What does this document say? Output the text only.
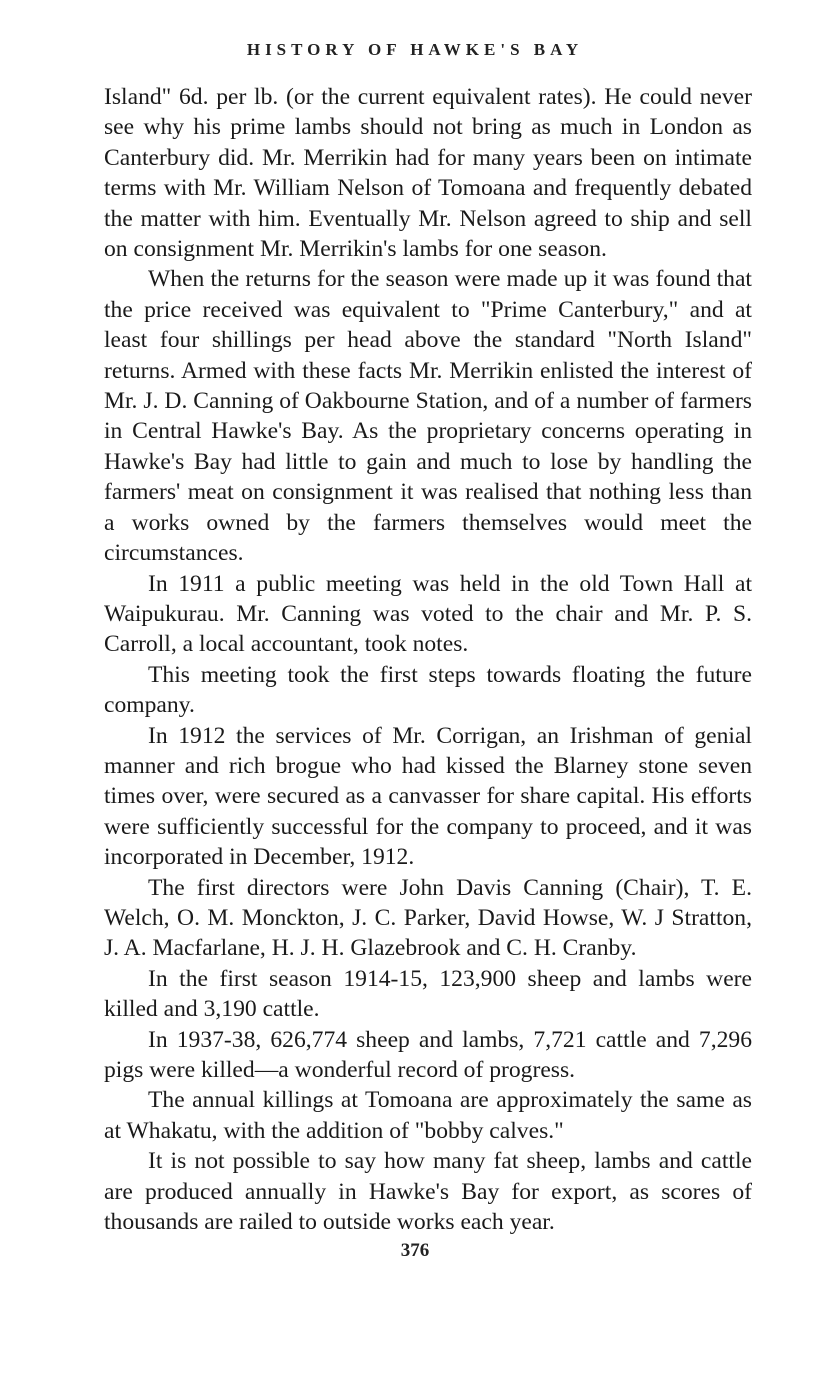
HISTORY OF HAWKE'S BAY

Island" 6d. per lb. (or the current equivalent rates). He could never see why his prime lambs should not bring as much in London as Canterbury did. Mr. Merrikin had for many years been on intimate terms with Mr. William Nelson of Tomoana and frequently debated the matter with him. Eventually Mr. Nelson agreed to ship and sell on consignment Mr. Merrikin's lambs for one season.

When the returns for the season were made up it was found that the price received was equivalent to "Prime Canterbury," and at least four shillings per head above the standard "North Island" returns. Armed with these facts Mr. Merrikin enlisted the interest of Mr. J. D. Canning of Oakbourne Station, and of a number of farmers in Central Hawke's Bay. As the proprietary concerns operating in Hawke's Bay had little to gain and much to lose by handling the farmers' meat on consignment it was realised that nothing less than a works owned by the farmers themselves would meet the circumstances.

In 1911 a public meeting was held in the old Town Hall at Waipukurau. Mr. Canning was voted to the chair and Mr. P. S. Carroll, a local accountant, took notes.

This meeting took the first steps towards floating the future company.

In 1912 the services of Mr. Corrigan, an Irishman of genial manner and rich brogue who had kissed the Blarney stone seven times over, were secured as a canvasser for share capital. His efforts were sufficiently successful for the company to proceed, and it was incorporated in December, 1912.

The first directors were John Davis Canning (Chair), T. E. Welch, O. M. Monckton, J. C. Parker, David Howse, W. J Stratton, J. A. Macfarlane, H. J. H. Glazebrook and C. H. Cranby.

In the first season 1914-15, 123,900 sheep and lambs were killed and 3,190 cattle.

In 1937-38, 626,774 sheep and lambs, 7,721 cattle and 7,296 pigs were killed—a wonderful record of progress.

The annual killings at Tomoana are approximately the same as at Whakatu, with the addition of "bobby calves."

It is not possible to say how many fat sheep, lambs and cattle are produced annually in Hawke's Bay for export, as scores of thousands are railed to outside works each year.

376
